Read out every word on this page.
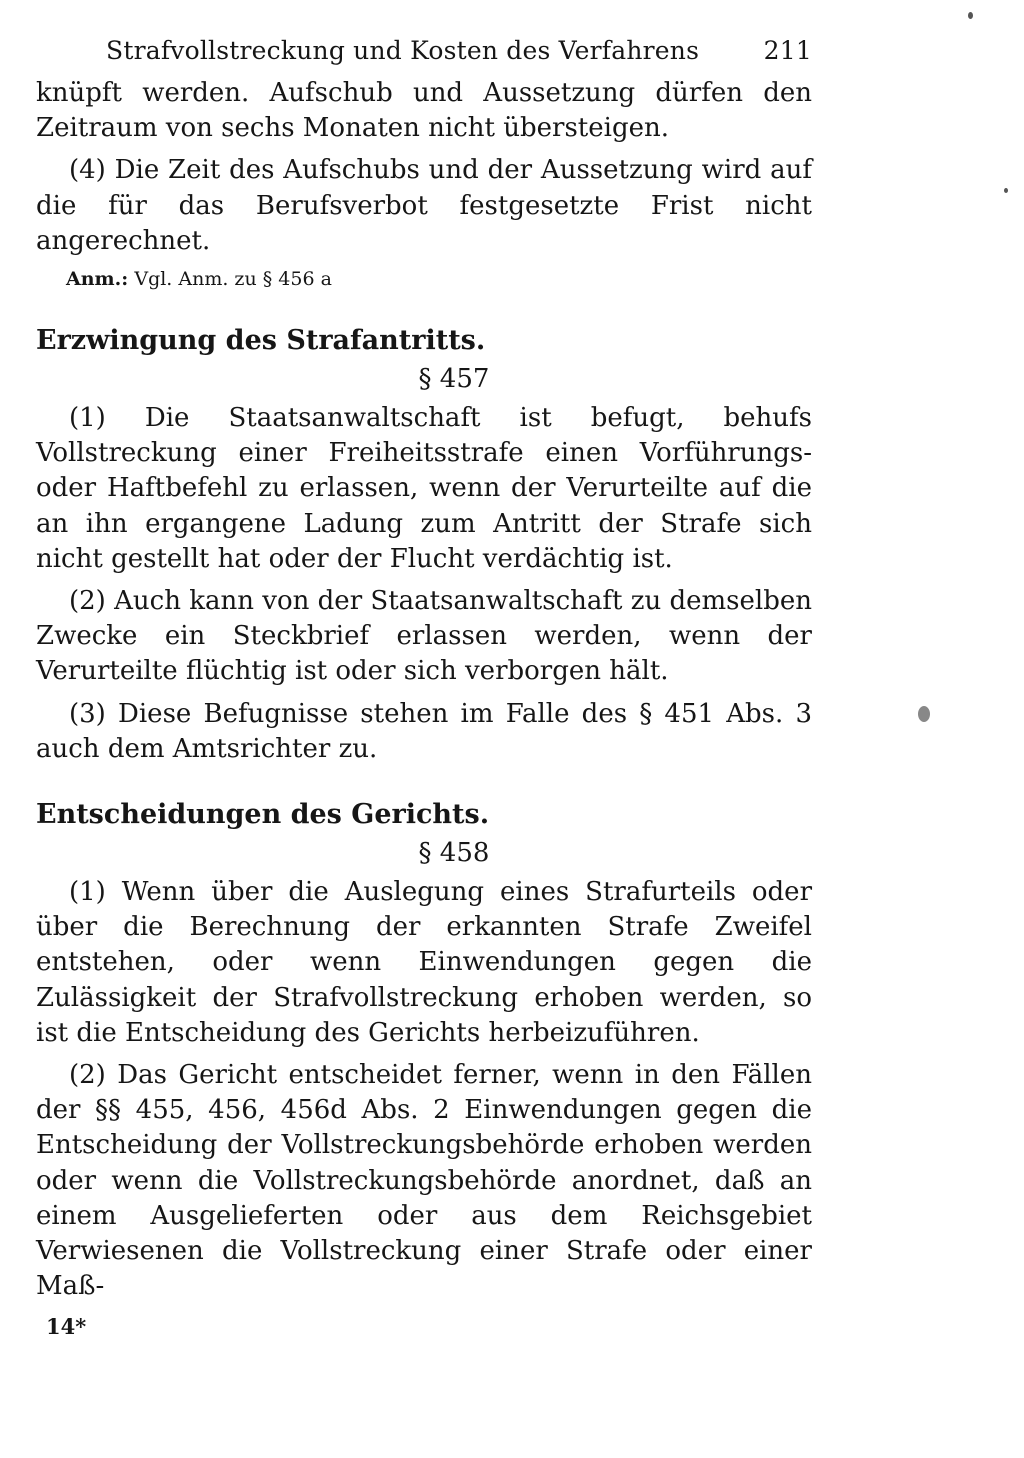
Strafvollstreckung und Kosten des Verfahrens	211

knüpft werden. Aufschub und Aussetzung dürfen den Zeitraum von sechs Monaten nicht übersteigen.

(4) Die Zeit des Aufschubs und der Aussetzung wird auf die für das Berufsverbot festgesetzte Frist nicht angerechnet.

Anm.: Vgl. Anm. zu § 456 a

Erzwingung des Strafantritts.
§ 457

(1) Die Staatsanwaltschaft ist befugt, behufs Vollstreckung einer Freiheitsstrafe einen Vorführungs- oder Haftbefehl zu erlassen, wenn der Verurteilte auf die an ihn ergangene Ladung zum Antritt der Strafe sich nicht gestellt hat oder der Flucht verdächtig ist.

(2) Auch kann von der Staatsanwaltschaft zu demselben Zwecke ein Steckbrief erlassen werden, wenn der Verurteilte flüchtig ist oder sich verborgen hält.

(3) Diese Befugnisse stehen im Falle des § 451 Abs. 3 auch dem Amtsrichter zu.

Entscheidungen des Gerichts.
§ 458

(1) Wenn über die Auslegung eines Strafurteils oder über die Berechnung der erkannten Strafe Zweifel entstehen, oder wenn Einwendungen gegen die Zulässigkeit der Strafvollstreckung erhoben werden, so ist die Entscheidung des Gerichts herbeizuführen.

(2) Das Gericht entscheidet ferner, wenn in den Fällen der §§ 455, 456, 456d Abs. 2 Einwendungen gegen die Entscheidung der Vollstreckungsbehörde erhoben werden oder wenn die Vollstreckungsbehörde anordnet, daß an einem Ausgelieferten oder aus dem Reichsgebiet Verwiesenen die Vollstreckung einer Strafe oder einer Maß-

14*
